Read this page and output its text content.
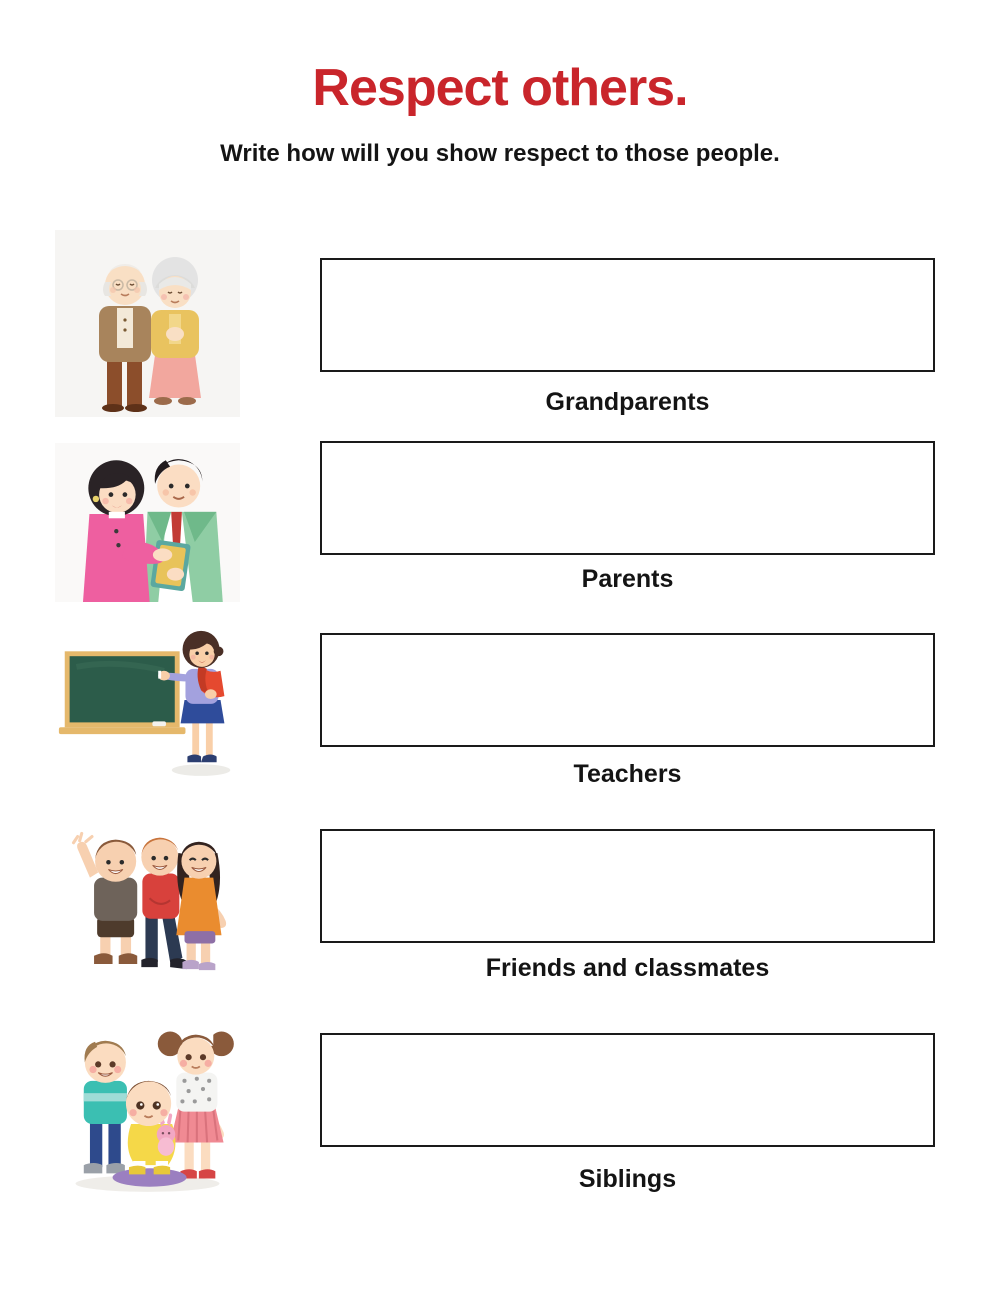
Respect others.
Write how will you show respect to those people.
Grandparents
Parents
Teachers
Friends and classmates
Siblings
